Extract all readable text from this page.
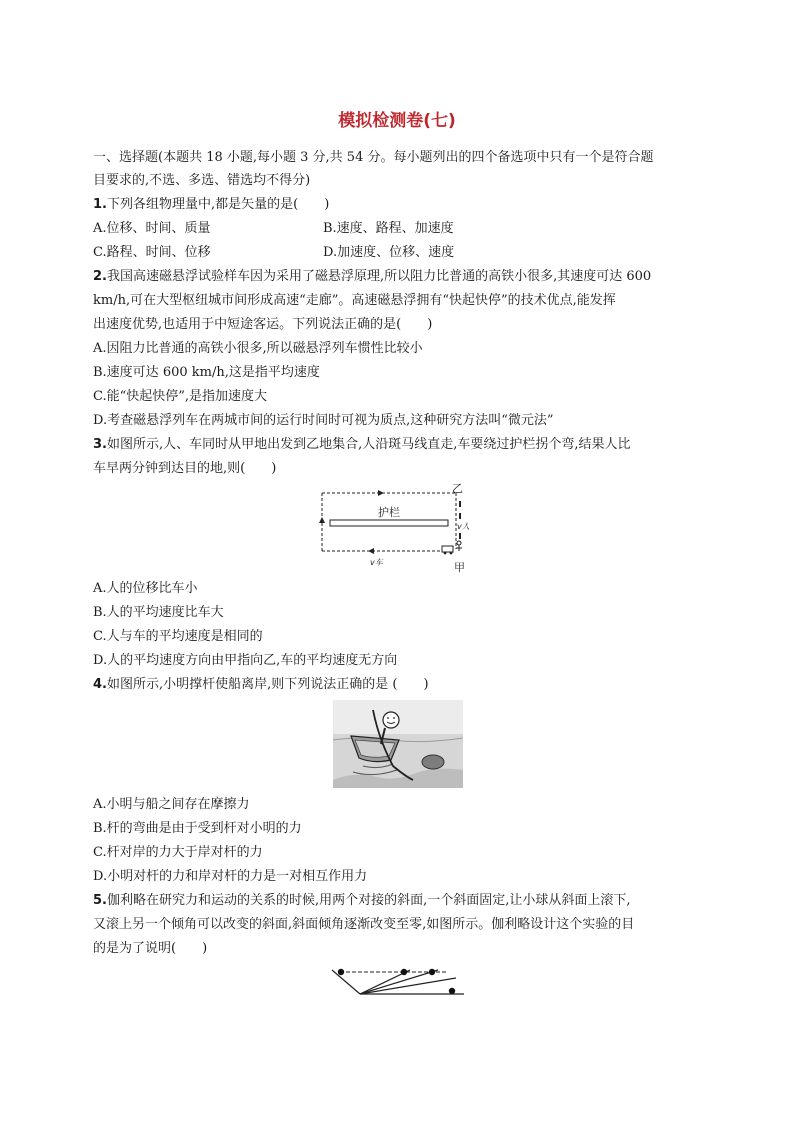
模拟检测卷(七)
一、选择题(本题共 18 小题,每小题 3 分,共 54 分。每小题列出的四个备选项中只有一个是符合题
目要求的,不选、多选、错选均不得分)
1.下列各组物理量中,都是矢量的是(　　)
A.位移、时间、质量	B.速度、路程、加速度
C.路程、时间、位移	D.加速度、位移、速度
2.我国高速磁悬浮试验样车因为采用了磁悬浮原理,所以阻力比普通的高铁小很多,其速度可达 600
km/h,可在大型枢纽城市间形成高速“走廊”。高速磁悬浮拥有“快起快停”的技术优点,能发挥
出速度优势,也适用于中短途客运。下列说法正确的是(　　)
A.因阻力比普通的高铁小很多,所以磁悬浮列车惯性比较小
B.速度可达 600 km/h,这是指平均速度
C.能“快起快停”,是指加速度大
D.考查磁悬浮列车在两城市间的运行时间时可视为质点,这种研究方法叫“微元法”
3.如图所示,人、车同时从甲地出发到乙地集合,人沿斑马线直走,车要绕过护栏拐个弯,结果人比
车早两分钟到达目的地,则(　　)
护栏
乙
甲
v人
v车
A.人的位移比车小
B.人的平均速度比车大
C.人与车的平均速度是相同的
D.人的平均速度方向由甲指向乙,车的平均速度无方向
4.如图所示,小明撑杆使船离岸,则下列说法正确的是 (　　)
A.小明与船之间存在摩擦力
B.杆的弯曲是由于受到杆对小明的力
C.杆对岸的力大于岸对杆的力
D.小明对杆的力和岸对杆的力是一对相互作用力
5.伽利略在研究力和运动的关系的时候,用两个对接的斜面,一个斜面固定,让小球从斜面上滚下,
又滚上另一个倾角可以改变的斜面,斜面倾角逐渐改变至零,如图所示。伽利略设计这个实验的目
的是为了说明(　　)
